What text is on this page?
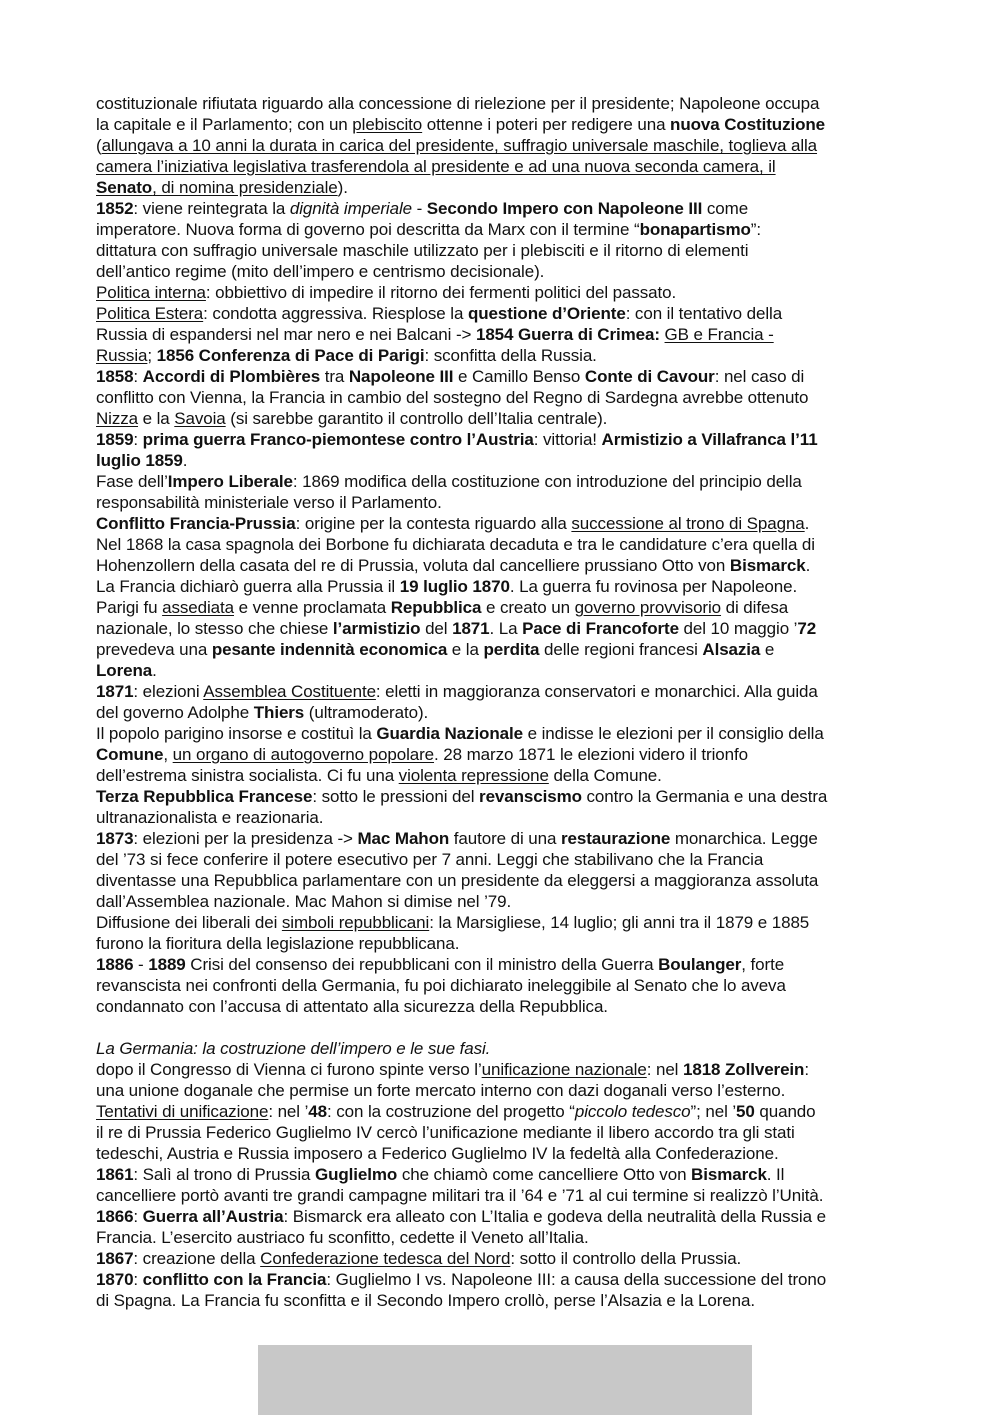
costituzionale rifiutata riguardo alla concessione di rielezione per il presidente; Napoleone occupa
la capitale e il Parlamento; con un plebiscito ottenne i poteri per redigere una nuova Costituzione
(allungava a 10 anni la durata in carica del presidente, suffragio universale maschile, toglieva alla
camera l’iniziativa legislativa trasferendola al presidente e ad una nuova seconda camera, il
Senato, di nomina presidenziale).
1852: viene reintegrata la dignità imperiale - Secondo Impero con Napoleone III come
imperatore. Nuova forma di governo poi descritta da Marx con il termine “bonapartismo”:
dittatura con suffragio universale maschile utilizzato per i plebisciti e il ritorno di elementi
dell’antico regime (mito dell’impero e centrismo decisionale).
Politica interna: obbiettivo di impedire il ritorno dei fermenti politici del passato.
Politica Estera: condotta aggressiva. Riesplose la questione d’Oriente: con il tentativo della
Russia di espandersi nel mar nero e nei Balcani -> 1854 Guerra di Crimea: GB e Francia -
Russia; 1856 Conferenza di Pace di Parigi: sconfitta della Russia.
1858: Accordi di Plombières tra Napoleone III e Camillo Benso Conte di Cavour: nel caso di
conflitto con Vienna, la Francia in cambio del sostegno del Regno di Sardegna avrebbe ottenuto
Nizza e la Savoia (si sarebbe garantito il controllo dell’Italia centrale).
1859: prima guerra Franco-piemontese contro l’Austria: vittoria! Armistizio a Villafranca l’11
luglio 1859.
Fase dell’Impero Liberale: 1869 modifica della costituzione con introduzione del principio della
responsabilità ministeriale verso il Parlamento.
Conflitto Francia-Prussia: origine per la contesta riguardo alla successione al trono di Spagna.
Nel 1868 la casa spagnola dei Borbone fu dichiarata decaduta e tra le candidature c’era quella di
Hohenzollern della casata del re di Prussia, voluta dal cancelliere prussiano Otto von Bismarck.
La Francia dichiarò guerra alla Prussia il 19 luglio 1870. La guerra fu rovinosa per Napoleone.
Parigi fu assediata e venne proclamata Repubblica e creato un governo provvisorio di difesa
nazionale, lo stesso che chiese l’armistizio del 1871. La Pace di Francoforte del 10 maggio ’72
prevedeva una pesante indennità economica e la perdita delle regioni francesi Alsazia e
Lorena.
1871: elezioni Assemblea Costituente: eletti in maggioranza conservatori e monarchici. Alla guida
del governo Adolphe Thiers (ultramoderato).
Il popolo parigino insorse e costituì la Guardia Nazionale e indisse le elezioni per il consiglio della
Comune, un organo di autogoverno popolare. 28 marzo 1871 le elezioni videro il trionfo
dell’estrema sinistra socialista. Ci fu una violenta repressione della Comune.
Terza Repubblica Francese: sotto le pressioni del revanscismo contro la Germania e una destra
ultranazionalista e reazionaria.
1873: elezioni per la presidenza -> Mac Mahon fautore di una restaurazione monarchica. Legge
del ’73 si fece conferire il potere esecutivo per 7 anni. Leggi che stabilivano che la Francia
diventasse una Repubblica parlamentare con un presidente da eleggersi a maggioranza assoluta
dall’Assemblea nazionale. Mac Mahon si dimise nel ’79.
Diffusione dei liberali dei simboli repubblicani: la Marsigliese, 14 luglio; gli anni tra il 1879 e 1885
furono la fioritura della legislazione repubblicana.
1886 - 1889 Crisi del consenso dei repubblicani con il ministro della Guerra Boulanger, forte
revanscista nei confronti della Germania, fu poi dichiarato ineleggibile al Senato che lo aveva
condannato con l’accusa di attentato alla sicurezza della Repubblica.
La Germania: la costruzione dell’impero e le sue fasi.
dopo il Congresso di Vienna ci furono spinte verso l’unificazione nazionale: nel 1818 Zollverein:
una unione doganale che permise un forte mercato interno con dazi doganali verso l’esterno.
Tentativi di unificazione: nel ’48: con la costruzione del progetto “piccolo tedesco”; nel ’50 quando
il re di Prussia Federico Guglielmo IV cercò l’unificazione mediante il libero accordo tra gli stati
tedeschi, Austria e Russia imposero a Federico Guglielmo IV la fedeltà alla Confederazione.
1861: Salì al trono di Prussia Guglielmo che chiamò come cancelliere Otto von Bismarck. Il
cancelliere portò avanti tre grandi campagne militari tra il ’64 e ’71 al cui termine si realizzò l’Unità.
1866: Guerra all’Austria: Bismarck era alleato con L’Italia e godeva della neutralità della Russia e
Francia. L’esercito austriaco fu sconfitto, cedette il Veneto all’Italia.
1867: creazione della Confederazione tedesca del Nord: sotto il controllo della Prussia.
1870: conflitto con la Francia: Guglielmo I vs. Napoleone III: a causa della successione del trono
di Spagna. La Francia fu sconfitta e il Secondo Impero crollò, perse l’Alsazia e la Lorena.
